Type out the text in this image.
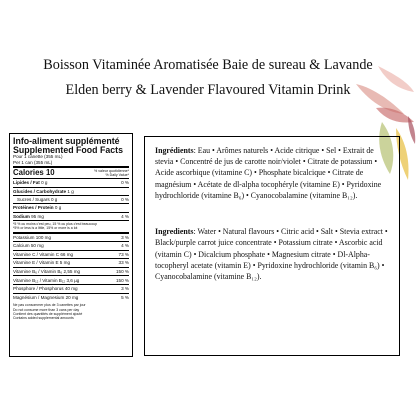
Boisson Vitaminée Aromatisée Baie de sureau & Lavande
Elden berry & Lavender Flavoured Vitamin Drink
Info-aliment supplémenté
Supplemented Food Facts
Pour 1 canette (355 mL)
Per 1 can (355 mL)
Calories 10	% valeur quotidienne*
% Daily Value*
Lipides / Fat 0 g	0 %
Glucides / Carbohydrate 1 g
Sucres / Sugars 0 g	0 %
Protéines / Protein 0 g
Sodium 95 mg	4 %
*5 % ou moins c'est peu, 15 % ou plus c'est beaucoup
*5% or less is a little, 15% or more is a lot
Potassium 100 mg	3 %
Calcium 50 mg	4 %
Vitamine C / Vitamin C 66 mg	73 %
Vitamine E / Vitamin E 5 mg	33 %
Vitamine B₆ / Vitamin B₆ 2,55 mg	150 %
Vitamine B₁₂ / Vitamin B₁₂ 3,6 µg	150 %
Phosphore / Phosphorus 40 mg	3 %
Magnésium / Magnesium 20 mg	5 %
Ne pas consommer plus de 3 canettes par jour
Do not consume more than 3 cans per day
Contient des quantités de supplément ajouté
Contains added supplemental amounts

Ingrédients: Eau • Arômes naturels • Acide citrique • Sel • Extrait de stevia • Concentré de jus de carotte noir/violet • Citrate de potassium • Acide ascorbique (vitamine C) • Phosphate bicalcique • Citrate de magnésium • Acétate de dl-alpha tocophéryle (vitamine E) • Pyridoxine hydrochloride (vitamine B₆) • Cyanocobalamine (vitamine B₁₂).

Ingredients: Water • Natural flavours • Citric acid • Salt • Stevia extract • Black/purple carrot juice concentrate • Potassium citrate • Ascorbic acid (vitamin C) • Dicalcium phosphate • Magnesium citrate • Dl-Alpha-tocopheryl acetate (vitamin E) • Pyridoxine hydrochloride (vitamin B₆) • Cyanocobalamine (vitamine B₁₂).
